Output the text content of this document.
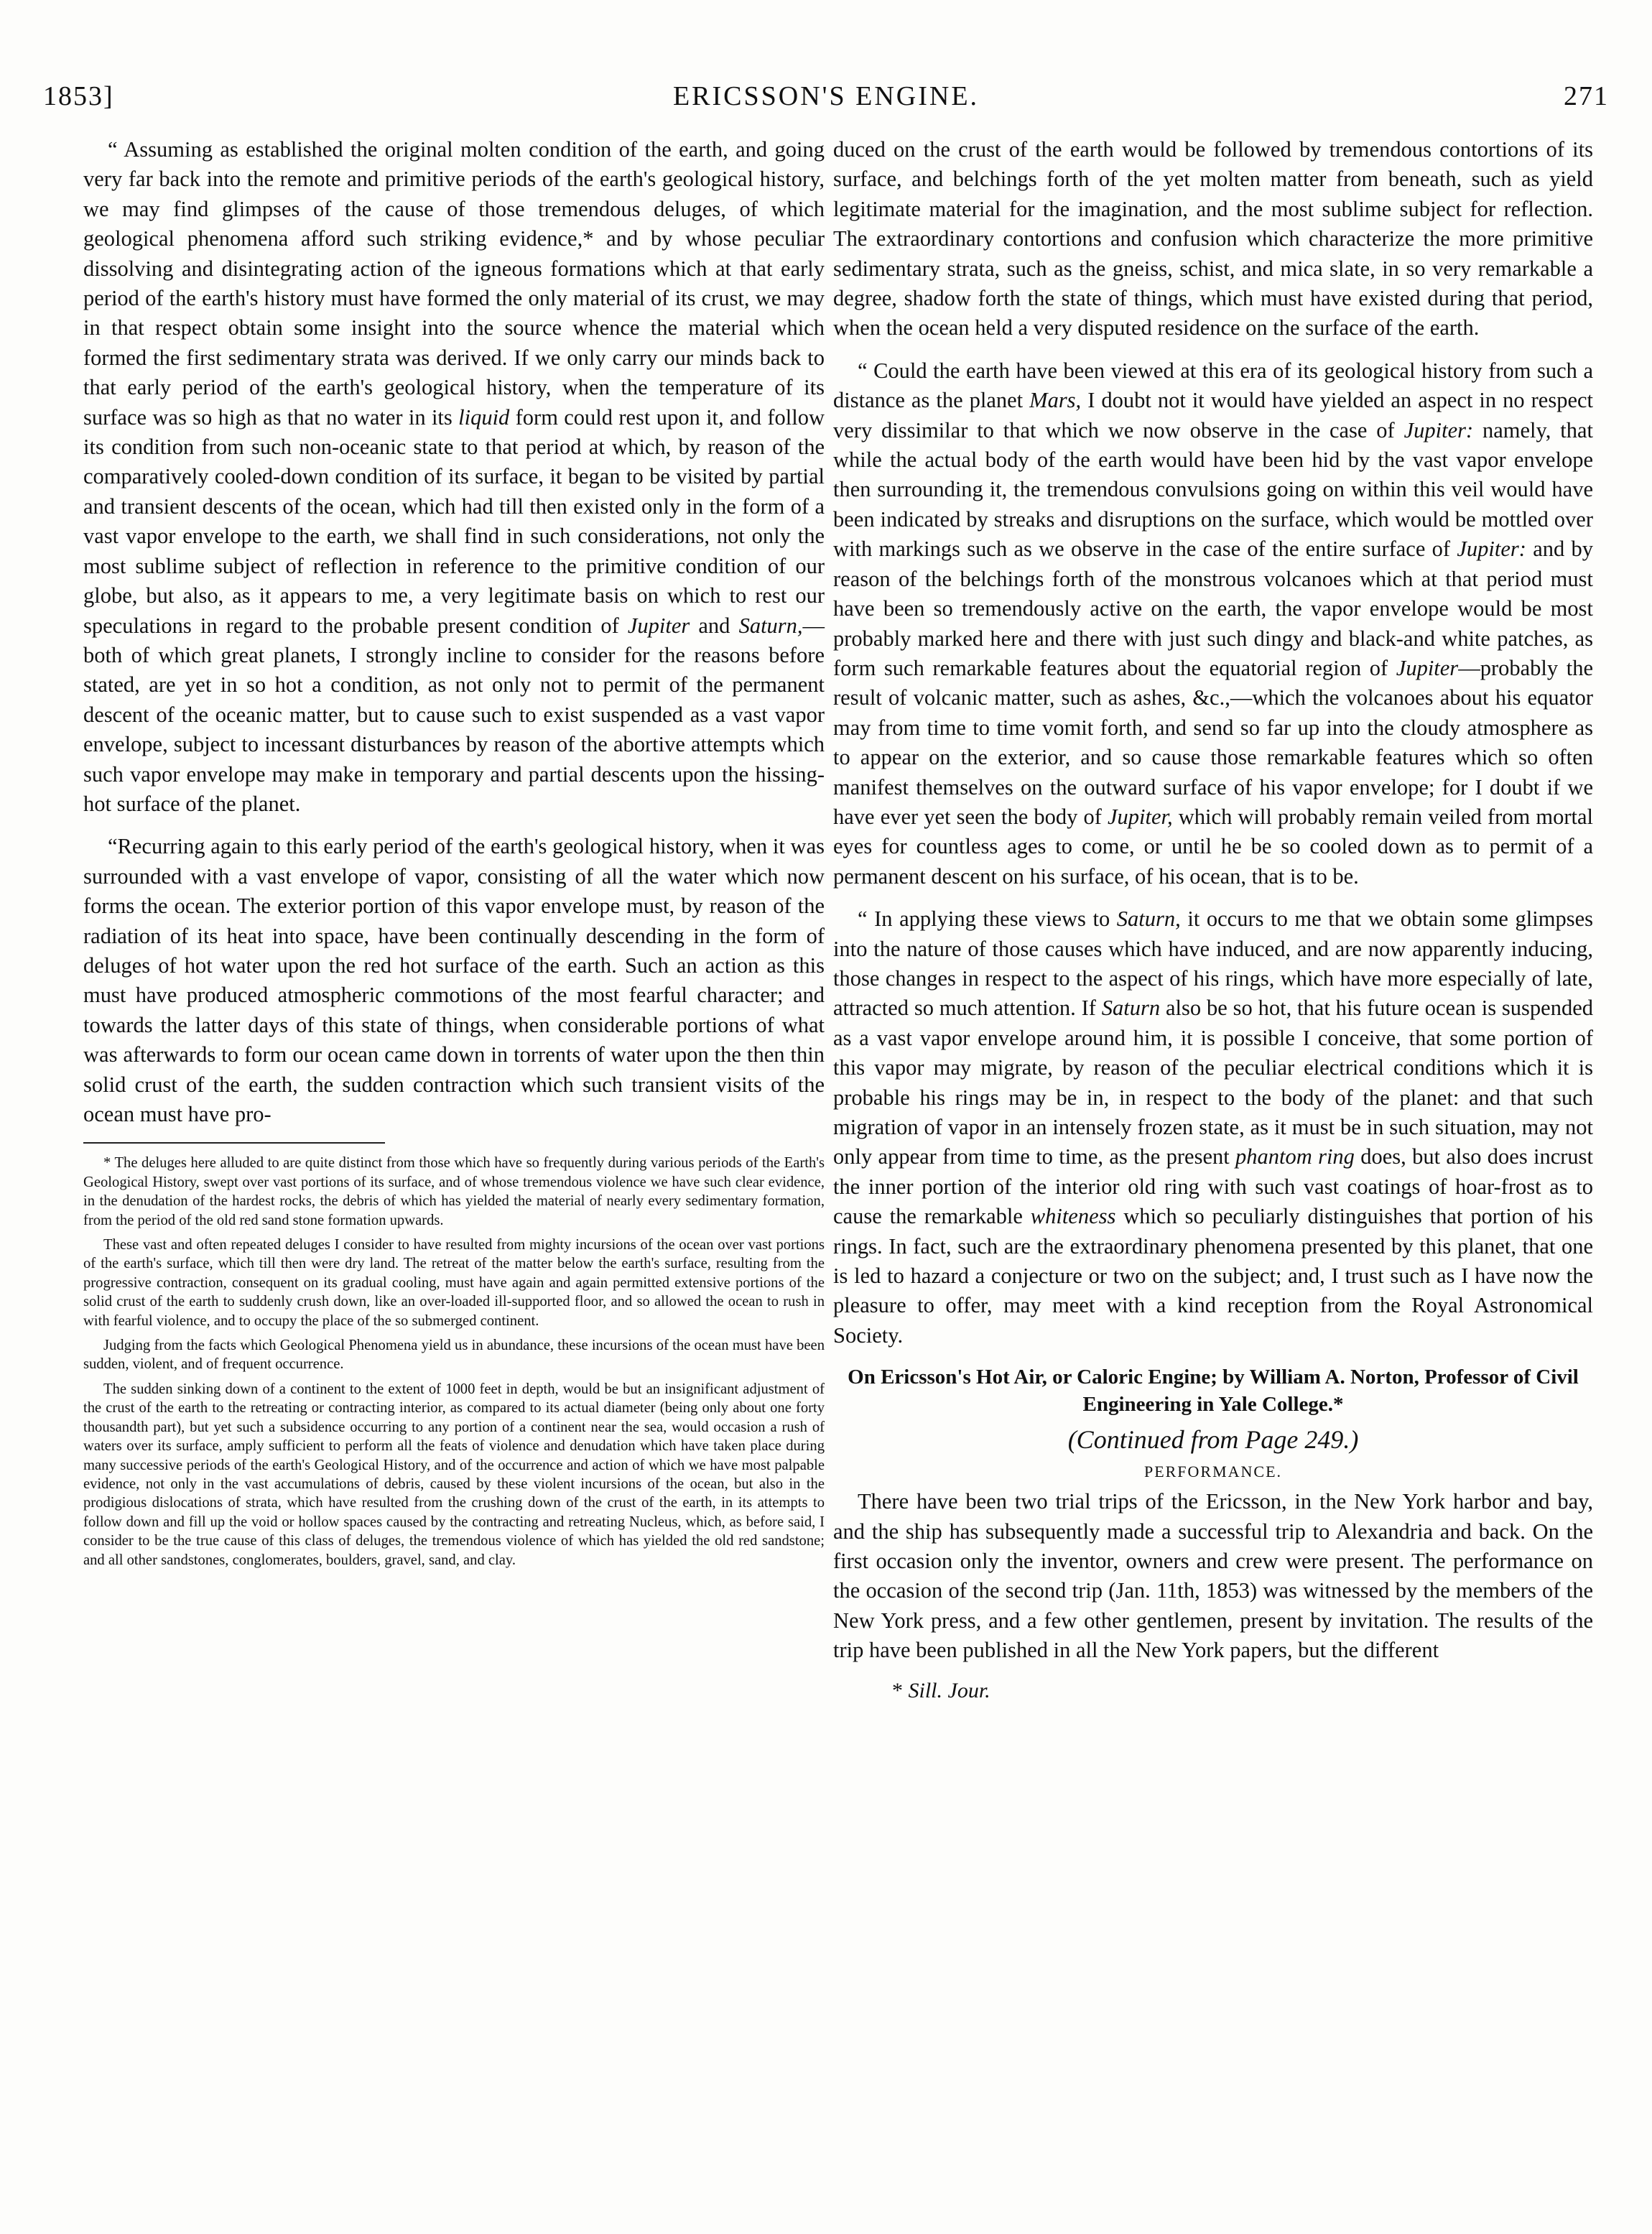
ERICSSON'S ENGINE.
1853]	271

“ Assuming as established the original molten condition of the earth, and going very far back into the remote and primitive periods of the earth's geological history, we may find glimpses of the cause of those tremendous deluges, of which geological phenomena afford such striking evidence,* and by whose peculiar dissolving and disintegrating action of the igneous formations which at that early period of the earth's history must have formed the only material of its crust, we may in that respect obtain some insight into the source whence the material which formed the first sedimentary strata was derived. If we only carry our minds back to that early period of the earth's geological history, when the temperature of its surface was so high as that no water in its liquid form could rest upon it, and follow its condition from such non-oceanic state to that period at which, by reason of the comparatively cooled-down condition of its surface, it began to be visited by partial and transient descents of the ocean, which had till then existed only in the form of a vast vapor envelope to the earth, we shall find in such considerations, not only the most sublime subject of reflection in reference to the primitive condition of our globe, but also, as it appears to me, a very legitimate basis on which to rest our speculations in regard to the probable present condition of Jupiter and Saturn,—both of which great planets, I strongly incline to consider for the reasons before stated, are yet in so hot a condition, as not only not to permit of the permanent descent of the oceanic matter, but to cause such to exist suspended as a vast vapor envelope, subject to incessant disturbances by reason of the abortive attempts which such vapor envelope may make in temporary and partial descents upon the hissing-hot surface of the planet.

“Recurring again to this early period of the earth's geological history, when it was surrounded with a vast envelope of vapor, consisting of all the water which now forms the ocean. The exterior portion of this vapor envelope must, by reason of the radiation of its heat into space, have been continually descending in the form of deluges of hot water upon the red hot surface of the earth. Such an action as this must have produced atmospheric commotions of the most fearful character; and towards the latter days of this state of things, when considerable portions of what was afterwards to form our ocean came down in torrents of water upon the then thin solid crust of the earth, the sudden contraction which such transient visits of the ocean must have pro-

* The deluges here alluded to are quite distinct from those which have so frequently during various periods of the Earth's Geological History, swept over vast portions of its surface, and of whose tremendous violence we have such clear evidence, in the denudation of the hardest rocks, the debris of which has yielded the material of nearly every sedimentary formation, from the period of the old red sand stone formation upwards.

These vast and often repeated deluges I consider to have resulted from mighty incursions of the ocean over vast portions of the earth's surface, which till then were dry land. The retreat of the matter below the earth's surface, resulting from the progressive contraction, consequent on its gradual cooling, must have again and again permitted extensive portions of the solid crust of the earth to suddenly crush down, like an over-loaded ill-supported floor, and so allowed the ocean to rush in with fearful violence, and to occupy the place of the so submerged continent.

Judging from the facts which Geological Phenomena yield us in abundance, these incursions of the ocean must have been sudden, violent, and of frequent occurrence.

The sudden sinking down of a continent to the extent of 1000 feet in depth, would be but an insignificant adjustment of the crust of the earth to the retreating or contracting interior, as compared to its actual diameter (being only about one forty thousandth part), but yet such a subsidence occurring to any portion of a continent near the sea, would occasion a rush of waters over its surface, amply sufficient to perform all the feats of violence and denudation which have taken place during many successive periods of the earth's Geological History, and of the occurrence and action of which we have most palpable evidence, not only in the vast accumulations of debris, caused by these violent incursions of the ocean, but also in the prodigious dislocations of strata, which have resulted from the crushing down of the crust of the earth, in its attempts to follow down and fill up the void or hollow spaces caused by the contracting and retreating Nucleus, which, as before said, I consider to be the true cause of this class of deluges, the tremendous violence of which has yielded the old red sandstone; and all other sandstones, conglomerates, boulders, gravel, sand, and clay.

duced on the crust of the earth would be followed by tremendous contortions of its surface, and belchings forth of the yet molten matter from beneath, such as yield legitimate material for the imagination, and the most sublime subject for reflection. The extraordinary contortions and confusion which characterize the more primitive sedimentary strata, such as the gneiss, schist, and mica slate, in so very remarkable a degree, shadow forth the state of things, which must have existed during that period, when the ocean held a very disputed residence on the surface of the earth.

“ Could the earth have been viewed at this era of its geological history from such a distance as the planet Mars, I doubt not it would have yielded an aspect in no respect very dissimilar to that which we now observe in the case of Jupiter: namely, that while the actual body of the earth would have been hid by the vast vapor envelope then surrounding it, the tremendous convulsions going on within this veil would have been indicated by streaks and disruptions on the surface, which would be mottled over with markings such as we observe in the case of the entire surface of Jupiter: and by reason of the belchings forth of the monstrous volcanoes which at that period must have been so tremendously active on the earth, the vapor envelope would be most probably marked here and there with just such dingy and black-and white patches, as form such remarkable features about the equatorial region of Jupiter—probably the result of volcanic matter, such as ashes, &c.,—which the volcanoes about his equator may from time to time vomit forth, and send so far up into the cloudy atmosphere as to appear on the exterior, and so cause those remarkable features which so often manifest themselves on the outward surface of his vapor envelope; for I doubt if we have ever yet seen the body of Jupiter, which will probably remain veiled from mortal eyes for countless ages to come, or until he be so cooled down as to permit of a permanent descent on his surface, of his ocean, that is to be.

“ In applying these views to Saturn, it occurs to me that we obtain some glimpses into the nature of those causes which have induced, and are now apparently inducing, those changes in respect to the aspect of his rings, which have more especially of late, attracted so much attention. If Saturn also be so hot, that his future ocean is suspended as a vast vapor envelope around him, it is possible I conceive, that some portion of this vapor may migrate, by reason of the peculiar electrical conditions which it is probable his rings may be in, in respect to the body of the planet: and that such migration of vapor in an intensely frozen state, as it must be in such situation, may not only appear from time to time, as the present phantom ring does, but also does incrust the inner portion of the interior old ring with such vast coatings of hoar-frost as to cause the remarkable whiteness which so peculiarly distinguishes that portion of his rings. In fact, such are the extraordinary phenomena presented by this planet, that one is led to hazard a conjecture or two on the subject; and, I trust such as I have now the pleasure to offer, may meet with a kind reception from the Royal Astronomical Society.

On Ericsson's Hot Air, or Caloric Engine; by William A. Norton, Professor of Civil Engineering in Yale College.*
(Continued from Page 249.)
PERFORMANCE.

There have been two trial trips of the Ericsson, in the New York harbor and bay, and the ship has subsequently made a successful trip to Alexandria and back. On the first occasion only the inventor, owners and crew were present. The performance on the occasion of the second trip (Jan. 11th, 1853) was witnessed by the members of the New York press, and a few other gentlemen, present by invitation. The results of the trip have been published in all the New York papers, but the different

* Sill. Jour.
